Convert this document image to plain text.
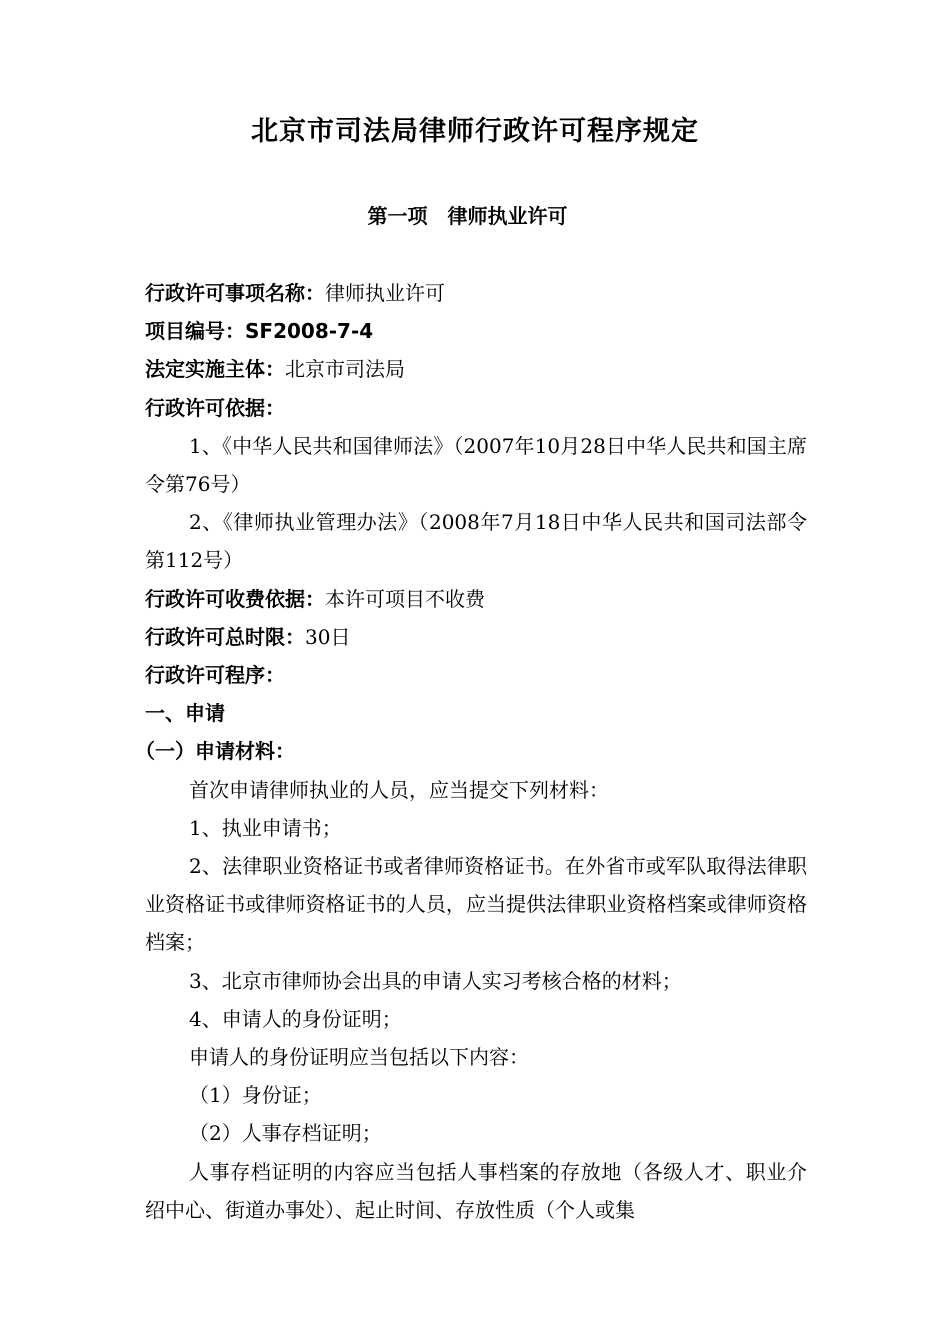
北京市司法局律师行政许可程序规定
第一项　律师执业许可

行政许可事项名称：律师执业许可

项目编号：SF2008-7-4

法定实施主体：北京市司法局

行政许可依据：

1、《中华人民共和国律师法》（2007年10月28日中华人民共和国主席令第76号）

2、《律师执业管理办法》（2008年7月18日中华人民共和国司法部令第112号）

行政许可收费依据：本许可项目不收费

行政许可总时限：30日

行政许可程序：

一、申请

（一）申请材料：

首次申请律师执业的人员，应当提交下列材料：

1、执业申请书；

2、法律职业资格证书或者律师资格证书。在外省市或军队取得法律职业资格证书或律师资格证书的人员，应当提供法律职业资格档案或律师资格档案；

3、北京市律师协会出具的申请人实习考核合格的材料；

4、申请人的身份证明；

申请人的身份证明应当包括以下内容：

（1）身份证；

（2）人事存档证明；

人事存档证明的内容应当包括人事档案的存放地（各级人才、职业介绍中心、街道办事处）、起止时间、存放性质（个人或集
